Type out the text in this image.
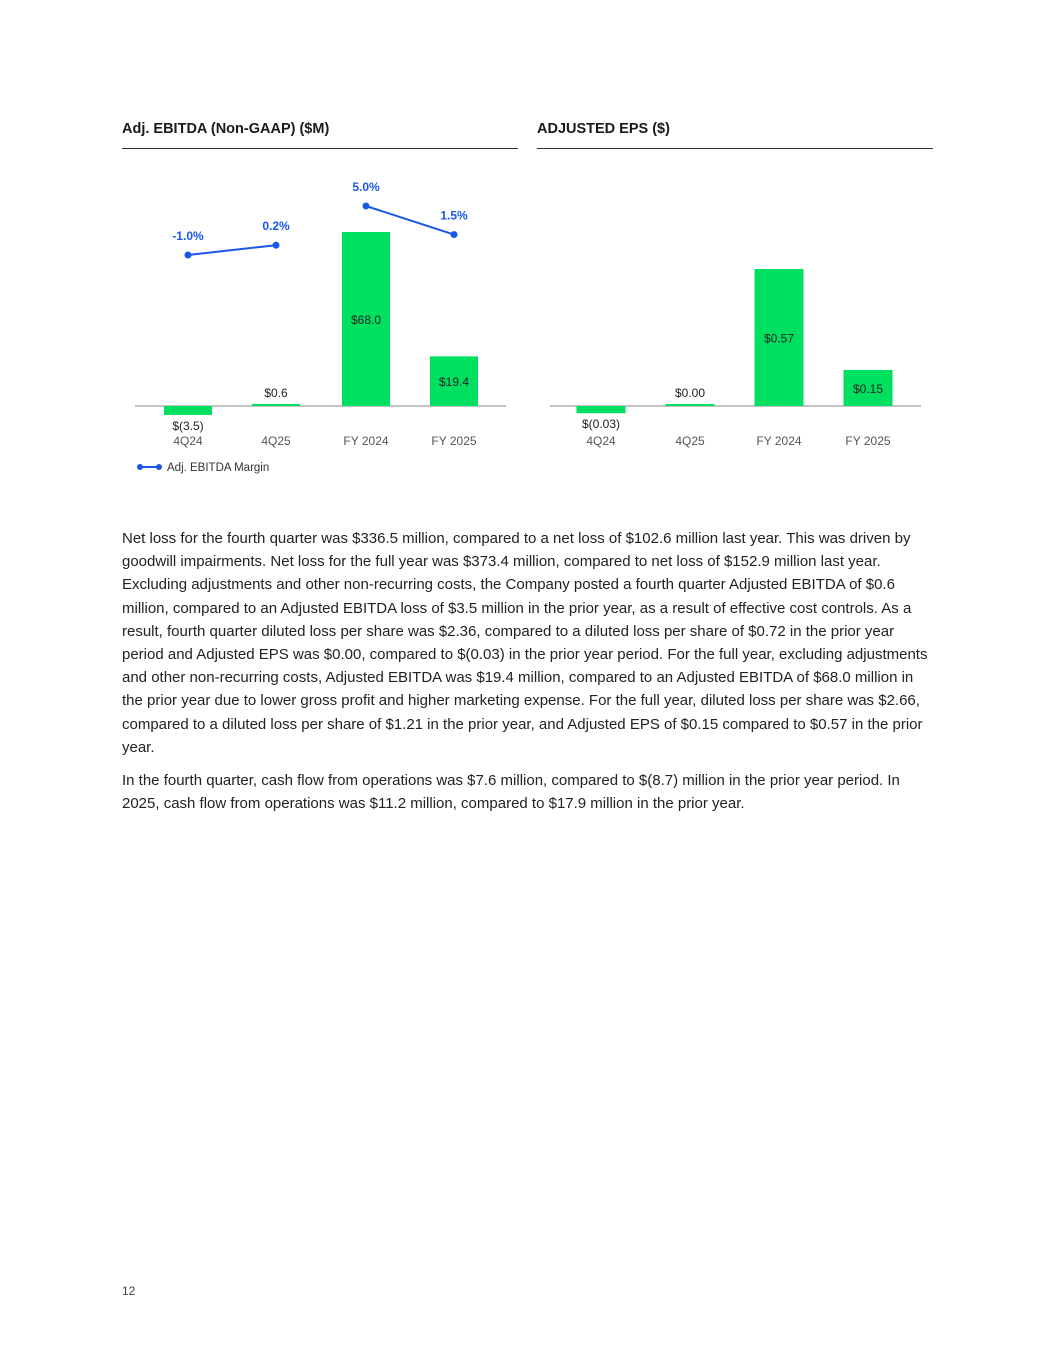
Adj. EBITDA (Non-GAAP) ($M)
$(3.5)
4Q24
$0.6
4Q25
$68.0
FY 2024
$19.4
FY 2025
-1.0%
0.2%
5.0%
1.5%
Adj. EBITDA Margin
ADJUSTED EPS ($)
$(0.03)
4Q24
$0.00
4Q25
$0.57
FY 2024
$0.15
FY 2025

Net loss for the fourth quarter was $336.5 million, compared to a net loss of $102.6 million last year. This was driven by goodwill impairments. Net loss for the full year was $373.4 million, compared to net loss of $152.9 million last year. Excluding adjustments and other non-recurring costs, the Company posted a fourth quarter Adjusted EBITDA of $0.6 million, compared to an Adjusted EBITDA loss of $3.5 million in the prior year, as a result of effective cost controls. As a result, fourth quarter diluted loss per share was $2.36, compared to a diluted loss per share of $0.72 in the prior year period and Adjusted EPS was $0.00, compared to $(0.03) in the prior year period. For the full year, excluding adjustments and other non-recurring costs, Adjusted EBITDA was $19.4 million, compared to an Adjusted EBITDA of $68.0 million in the prior year due to lower gross profit and higher marketing expense. For the full year, diluted loss per share was $2.66, compared to a diluted loss per share of $1.21 in the prior year, and Adjusted EPS of $0.15 compared to $0.57 in the prior year.

In the fourth quarter, cash flow from operations was $7.6 million, compared to $(8.7) million in the prior year period. In 2025, cash flow from operations was $11.2 million, compared to $17.9 million in the prior year.

12
